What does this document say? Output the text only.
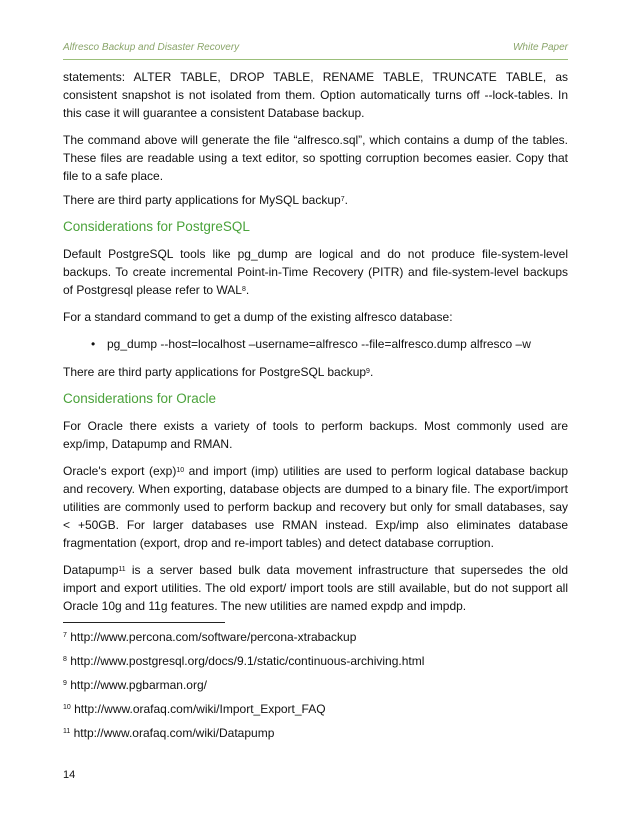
Alfresco Backup and Disaster Recovery	White Paper

statements: ALTER TABLE, DROP TABLE, RENAME TABLE, TRUNCATE TABLE, as consistent snapshot is not isolated from them. Option automatically turns off --lock-tables. In this case it will guarantee a consistent Database backup.

The command above will generate the file “alfresco.sql”, which contains a dump of the tables. These files are readable using a text editor, so spotting corruption becomes easier. Copy that file to a safe place.

There are third party applications for MySQL backup$^7$.

Considerations for PostgreSQL

Default PostgreSQL tools like pg_dump are logical and do not produce file-system-level backups. To create incremental Point-in-Time Recovery (PITR) and file-system-level backups of Postgresql please refer to WAL$^8$.

For a standard command to get a dump of the existing alfresco database:

• pg_dump --host=localhost –username=alfresco --file=alfresco.dump alfresco –w

There are third party applications for PostgreSQL backup$^9$.

Considerations for Oracle

For Oracle there exists a variety of tools to perform backups. Most commonly used are exp/imp, Datapump and RMAN.

Oracle's export $(\exp)^{10}$ and import (imp) utilities are used to perform logical database backup and recovery. When exporting, database objects are dumped to a binary file. The export/import utilities are commonly used to perform backup and recovery but only for small databases, say < +50GB. For larger databases use RMAN instead. Exp/imp also eliminates database fragmentation (export, drop and re-import tables) and detect database corruption.

Datapump$^{11}$ is a server based bulk data movement infrastructure that supersedes the old import and export utilities. The old export/ import tools are still available, but do not support all Oracle 10g and 11g features. The new utilities are named expdp and impdp.

$^7$ http://www.percona.com/software/percona-xtrabackup
$^8$ http://www.postgresql.org/docs/9.1/static/continuous-archiving.html
$^9$ http://www.pgbarman.org/
$^{10}$ http://www.orafaq.com/wiki/Import_Export_FAQ
$^{11}$ http://www.orafaq.com/wiki/Datapump
14
